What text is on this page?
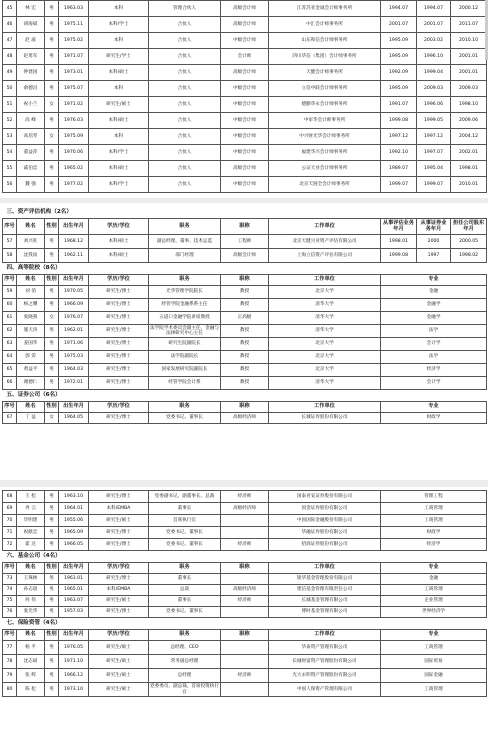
45	林 宏	男	1963.03	本科	管理合伙人	高级会计师	江苏苏亚金诚会计师事务所	1994.07	1994.07	2000.12
46	胡海斌	男	1975.11	本科/学士	合伙人	高级会计师	中汇会计师事务所	2001.07	2001.07	2011.07
47	赵 波	男	1975.02	本科	合伙人	中级会计师	山东和信会计师事务所	1995.09	2003.02	2010.10
48	赵勇军	男	1971.07	研究生/学士	合伙人	会计师	四川华信（集团）会计师事务所	1995.09	1996.10	2001.01
49	钟建国	男	1973.01	本科/硕士	合伙人	高级会计师	天健会计师事务所	1992.09	1999.04	2001.01
50	俞德昌	男	1975.07	本科	合伙人	中级会计师	立信中联会计师事务所	1995.09	2009.03	2009.03
51	祝小兰	女	1971.02	研究生/硕士	合伙人	中级会计师	德勤华永会计师事务所	1991.07	1996.06	1998.10
52	高 峰	男	1976.03	本科/硕士	合伙人	中级会计师	中审华会计师事务所	1999.08	1999.05	2009.06
53	高培琴	女	1975.09	本科	合伙人	中级会计师	中兴财光华会计师事务所	1997.12	1997.12	2004.12
54	董益萍	男	1970.06	本科/学士	合伙人	中级会计师	福建华兴会计师事务所	1992.10	1997.07	2002.01
55	戚伯忠	男	1965.02	本科/硕士	合伙人	高级会计师	公证天业会计师事务所	1989.07	1995.04	1998.01
56	魏 强	男	1977.02	本科/学士	合伙人	中级会计师	北京天圆全会计师事务所	1999.07	1999.07	2010.01
三、资产评估机构（2名）										
序号	姓名	性别	出生年月	学历/学位	职务	职称	工作单位	从事评估业务年月	从事证券业务年月	担任公司股东年月
57	刘兴旺	男	1968.12	本科/硕士	副总经理、董事、技术总监	工程师	北京天健兴业资产评估有限公司	1998.01	2000	2000.05
58	沈我雨	男	1962.11	本科/硕士	部门经理	高级会计师	上海立信资产评估有限公司	1999.08	1997	1998.02
四、高等院校（8名）								
序号	姓名	性别	出生年月	学历/学位	职务	职称	工作单位	专业
59	刘 俏	男	1970.05	研究生/博士	光华管理学院院长	教授	北京大学	金融
60	杨之曙	男	1966.09	研究生/博士	经管学院金融系系主任	教授	清华大学	金融学
61	张晓燕	女	1976.07	研究生/博士	五道口金融学院讲席教授	正高级	清华大学	金融学
62	施天涛	男	1962.01	研究生/博士	法学院学术委员会副主任、金融与法律研究中心主任	教授	清华大学	法学
63	姜国华	男	1971.06	研究生/博士	研究生院副院长	教授	北京大学	会计学
64	郭 雳	男	1975.03	研究生/博士	法学院副院长	教授	北京大学	法学
65	黄益平	男	1964.03	研究生/博士	国家发展研究院副院长	教授	北京大学	经济学
66	谢德仁	男	1972.01	研究生/博士	经管学院会计系	教授	清华大学	会计学
五、证券公司（6名）								
序号	姓名	性别	出生年月	学历/学位	职务	职称	工作单位	专业
67	丁 益	女	1964.05	研究生/博士	党委书记、董事长	高级经济师	长城证券股份有限公司	财政学
68	王 松	男	1963.10	研究生/博士	党委副书记、副董事长、总裁	经济师	国泰君安证券股份有限公司	管理工程
69	冉 云	男	1964.01	本科/EMBA	董事长	高级经济师	国金证券股份有限公司	工商管理
70	毕明建	男	1955.06	研究生/硕士	首席执行官		中国国际金融股份有限公司	工商管理
71	祝献忠	男	1965.09	研究生/博士	党委书记、董事长		华融证券股份有限公司	财政学
72	霍 达	男	1966.05	研究生/博士	党委书记、董事长	经济师	招商证券股份有限公司	经济学
六、基金公司（4名）								
序号	姓名	性别	出生年月	学历/学位	职务	职称	工作单位	专业
73	王珠林	男	1961.01	研究生/博士	董事长		银华基金管理股份有限公司	金融
74	孙志晨	男	1965.01	本科/EMBA	总裁	高级经济师	建信基金管理有限责任公司	工商管理
75	何 伟	男	1963.07	研究生/硕士	董事长	经济师	长城基金管理有限公司	企业管理
76	张光华	男	1957.03	研究生/博士	党委书记、董事长		博时基金管理有限公司	世界经济学
七、保险资管（4名）								
序号	姓名	性别	出生年月	学历/学位	职务	职称	工作单位	专业
77	杨 平	男	1976.05	研究生/硕士	总经理、CEO		华泰资产管理有限公司	工商管理
78	沈志斌	男	1971.10	研究生/硕士	常务副总经理		长城财富资产管理股份有限公司	国际贸易
79	张 辉	男	1966.12	研究生/硕士	总经理	经济师	光大永明资产管理股份有限公司	国际金融
80	陈 松	男	1973.10	研究生/硕士	党委委员、副总裁、首席投资执行官		中国人保资产管理有限公司	工商管理
